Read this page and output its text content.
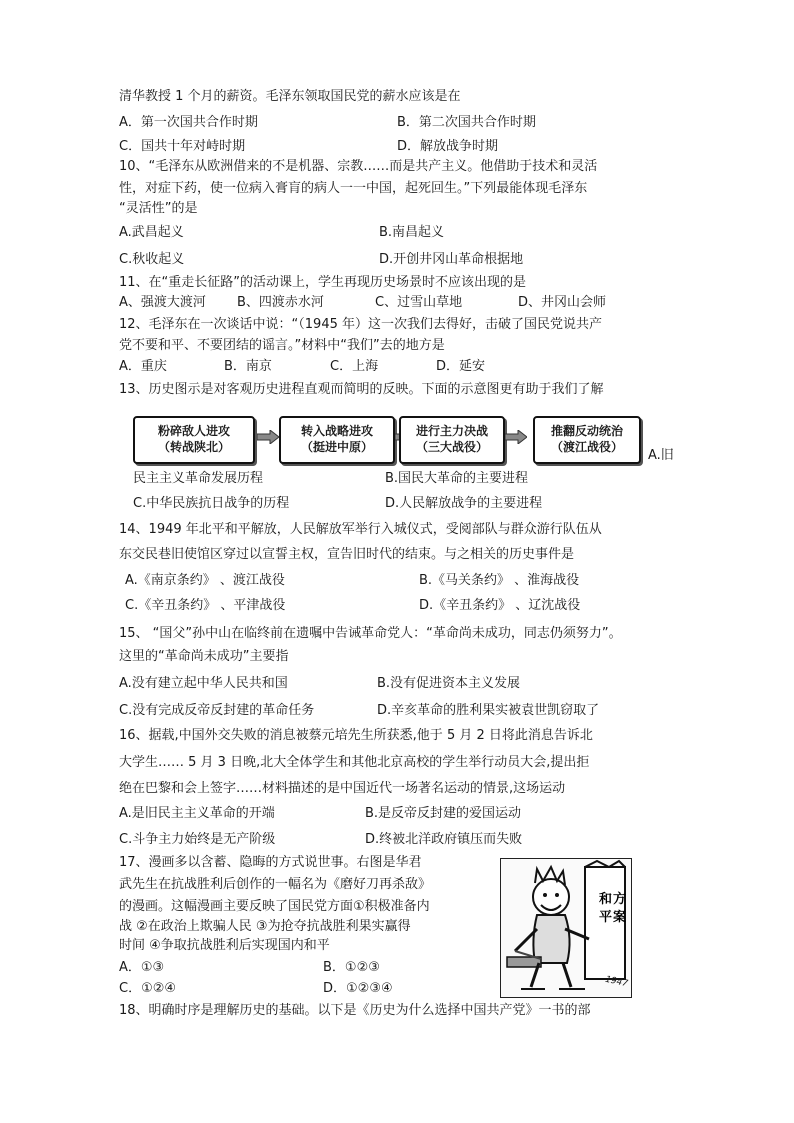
清华教授 1 个月的薪资。毛泽东领取国民党的薪水应该是在
A．第一次国共合作时期	B．第二次国共合作时期
C．国共十年对峙时期	D．解放战争时期
10、“毛泽东从欧洲借来的不是机器、宗教……而是共产主义。他借助于技术和灵活
性，对症下药，使一位病入膏肓的病人一一中国，起死回生。”下列最能体现毛泽东
“灵活性”的是
A.武昌起义	B.南昌起义
C.秋收起义	D.开创井冈山革命根据地
11、在“重走长征路”的活动课上，学生再现历史场景时不应该出现的是
A、强渡大渡河 B、四渡赤水河	C、过雪山草地	D、井冈山会师
12、毛泽东在一次谈话中说：“（1945 年）这一次我们去得好，击破了国民党说共产
党不要和平、不要团结的谣言。”材料中“我们”去的地方是
A．重庆	B．南京	C．上海	D．延安
13、历史图示是对客观历史进程直观而简明的反映。下面的示意图更有助于我们了解
A.旧
民主主义革命发展历程	B.国民大革命的主要进程
C.中华民族抗日战争的历程	D.人民解放战争的主要进程
14、1949 年北平和平解放，人民解放军举行入城仪式，受阅部队与群众游行队伍从
东交民巷旧使馆区穿过以宣誓主权，宣告旧时代的结束。与之相关的历史事件是
A.《南京条约》 、渡江战役	B.《马关条约》 、淮海战役
C.《辛丑条约》 、平津战役	D.《辛丑条约》 、辽沈战役
15、 “国父”孙中山在临终前在遗嘱中告诫革命党人：“革命尚未成功，同志仍须努力”。
这里的“革命尚未成功”主要指
A.没有建立起中华人民共和国	B.没有促进资本主义发展
C.没有完成反帝反封建的革命任务	D.辛亥革命的胜利果实被袁世凯窃取了
16、据载,中国外交失败的消息被蔡元培先生所获悉,他于 5 月 2 日将此消息告诉北
大学生…… 5 月 3 日晚,北大全体学生和其他北京高校的学生举行动员大会,提出拒
绝在巴黎和会上签字……材料描述的是中国近代一场著名运动的情景,这场运动
A.是旧民主主义革命的开端	B.是反帝反封建的爱国运动
C.斗争主力始终是无产阶级	D.终被北洋政府镇压而失败
17、漫画多以含蓄、隐晦的方式说世事。右图是华君
武先生在抗战胜利后创作的一幅名为《磨好刀再杀敌》
的漫画。这幅漫画主要反映了国民党方面①积极准备内
战 ②在政治上欺骗人民 ③为抢夺抗战胜利果实赢得
时间 ④争取抗战胜利后实现国内和平
A．①③	B．①②③
C．①②④	D．①②③④
18、明确时序是理解历史的基础。以下是《历史为什么选择中国共产党》一书的部
粉碎敌人进攻
（转战陕北）
转入战略进攻
（挺进中原）
进行主力决战
（三大战役）
推翻反动统治
（渡江战役）
和 方
平 案
1947
